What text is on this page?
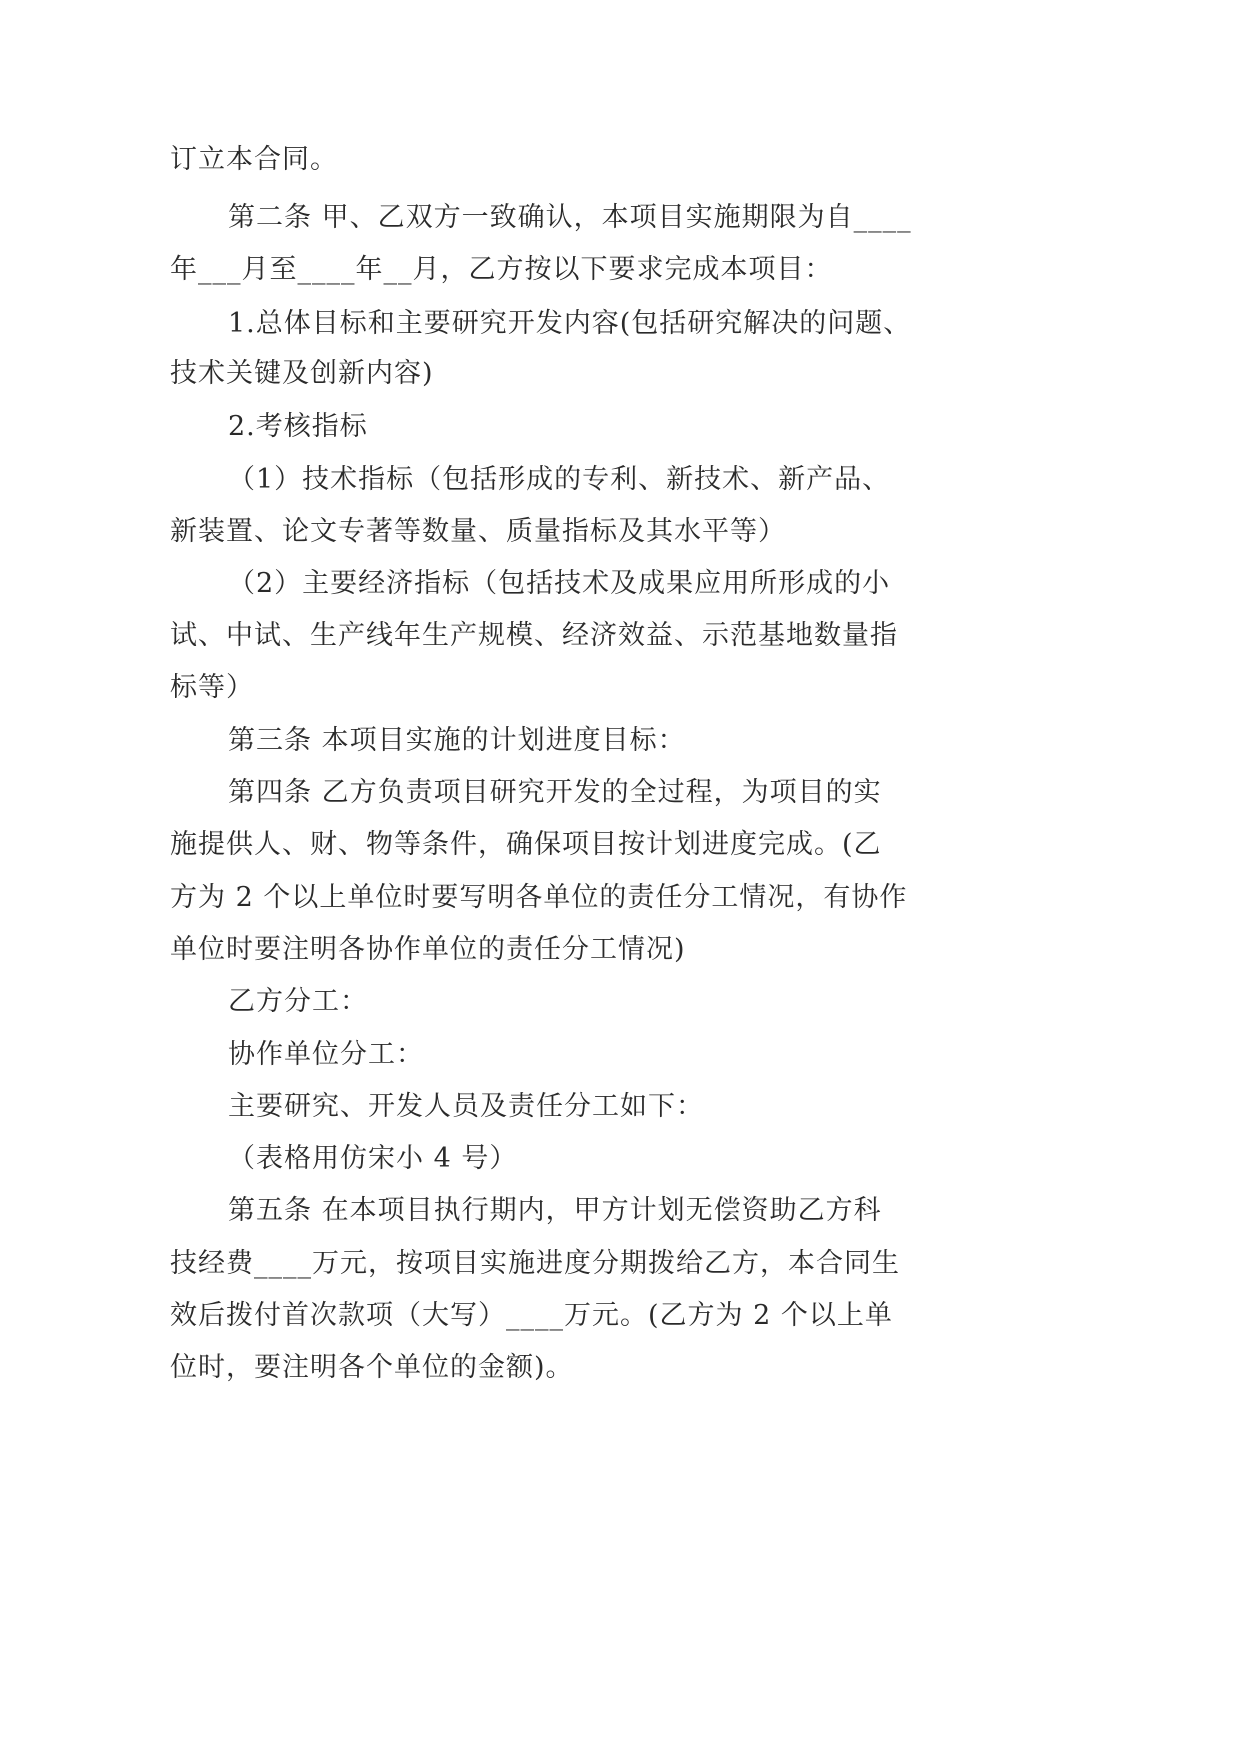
订立本合同。
第二条 甲、乙双方一致确认，本项目实施期限为自____
年___月至____年__月，乙方按以下要求完成本项目：
1.总体目标和主要研究开发内容(包括研究解决的问题、
技术关键及创新内容)
2.考核指标
（1）技术指标（包括形成的专利、新技术、新产品、
新装置、论文专著等数量、质量指标及其水平等）
（2）主要经济指标（包括技术及成果应用所形成的小
试、中试、生产线年生产规模、经济效益、示范基地数量指
标等）
第三条 本项目实施的计划进度目标：
第四条 乙方负责项目研究开发的全过程，为项目的实
施提供人、财、物等条件，确保项目按计划进度完成。(乙
方为 2 个以上单位时要写明各单位的责任分工情况，有协作
单位时要注明各协作单位的责任分工情况)
乙方分工：
协作单位分工：
主要研究、开发人员及责任分工如下：
（表格用仿宋小 4 号）
第五条 在本项目执行期内，甲方计划无偿资助乙方科
技经费____万元，按项目实施进度分期拨给乙方，本合同生
效后拨付首次款项（大写）____万元。(乙方为 2 个以上单
位时，要注明各个单位的金额)。
